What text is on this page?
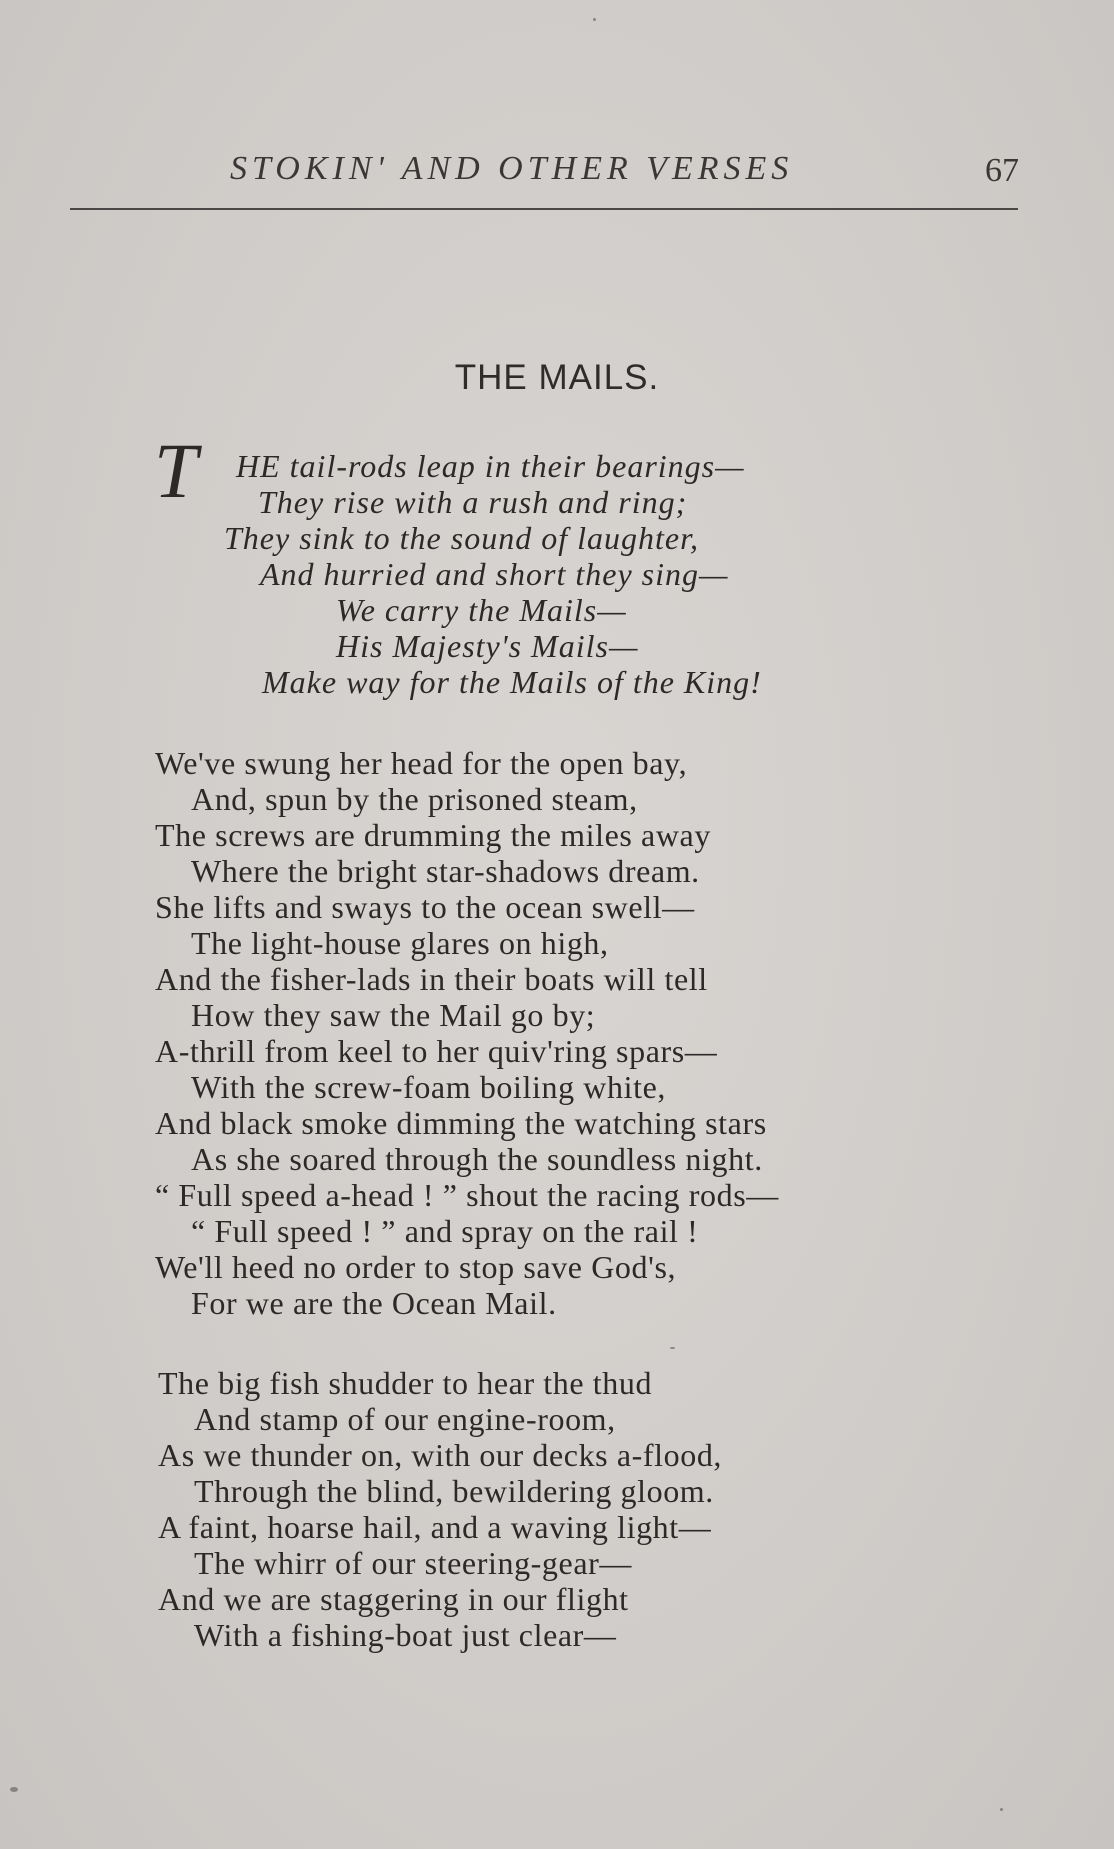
STOKIN' AND OTHER VERSES	67
THE MAILS.
T HE tail-rods leap in their bearings—
They rise with a rush and ring;
They sink to the sound of laughter,
And hurried and short they sing—
We carry the Mails—
His Majesty's Mails—
Make way for the Mails of the King!
We've swung her head for the open bay,
And, spun by the prisoned steam,
The screws are drumming the miles away
Where the bright star-shadows dream.
She lifts and sways to the ocean swell—
The light-house glares on high,
And the fisher-lads in their boats will tell
How they saw the Mail go by;
A-thrill from keel to her quiv'ring spars—
With the screw-foam boiling white,
And black smoke dimming the watching stars
As she soared through the soundless night.
“ Full speed a-head ! ” shout the racing rods—
“ Full speed ! ” and spray on the rail !
We'll heed no order to stop save God's,
For we are the Ocean Mail.
The big fish shudder to hear the thud
And stamp of our engine-room,
As we thunder on, with our decks a-flood,
Through the blind, bewildering gloom.
A faint, hoarse hail, and a waving light—
The whirr of our steering-gear—
And we are staggering in our flight
With a fishing-boat just clear—
